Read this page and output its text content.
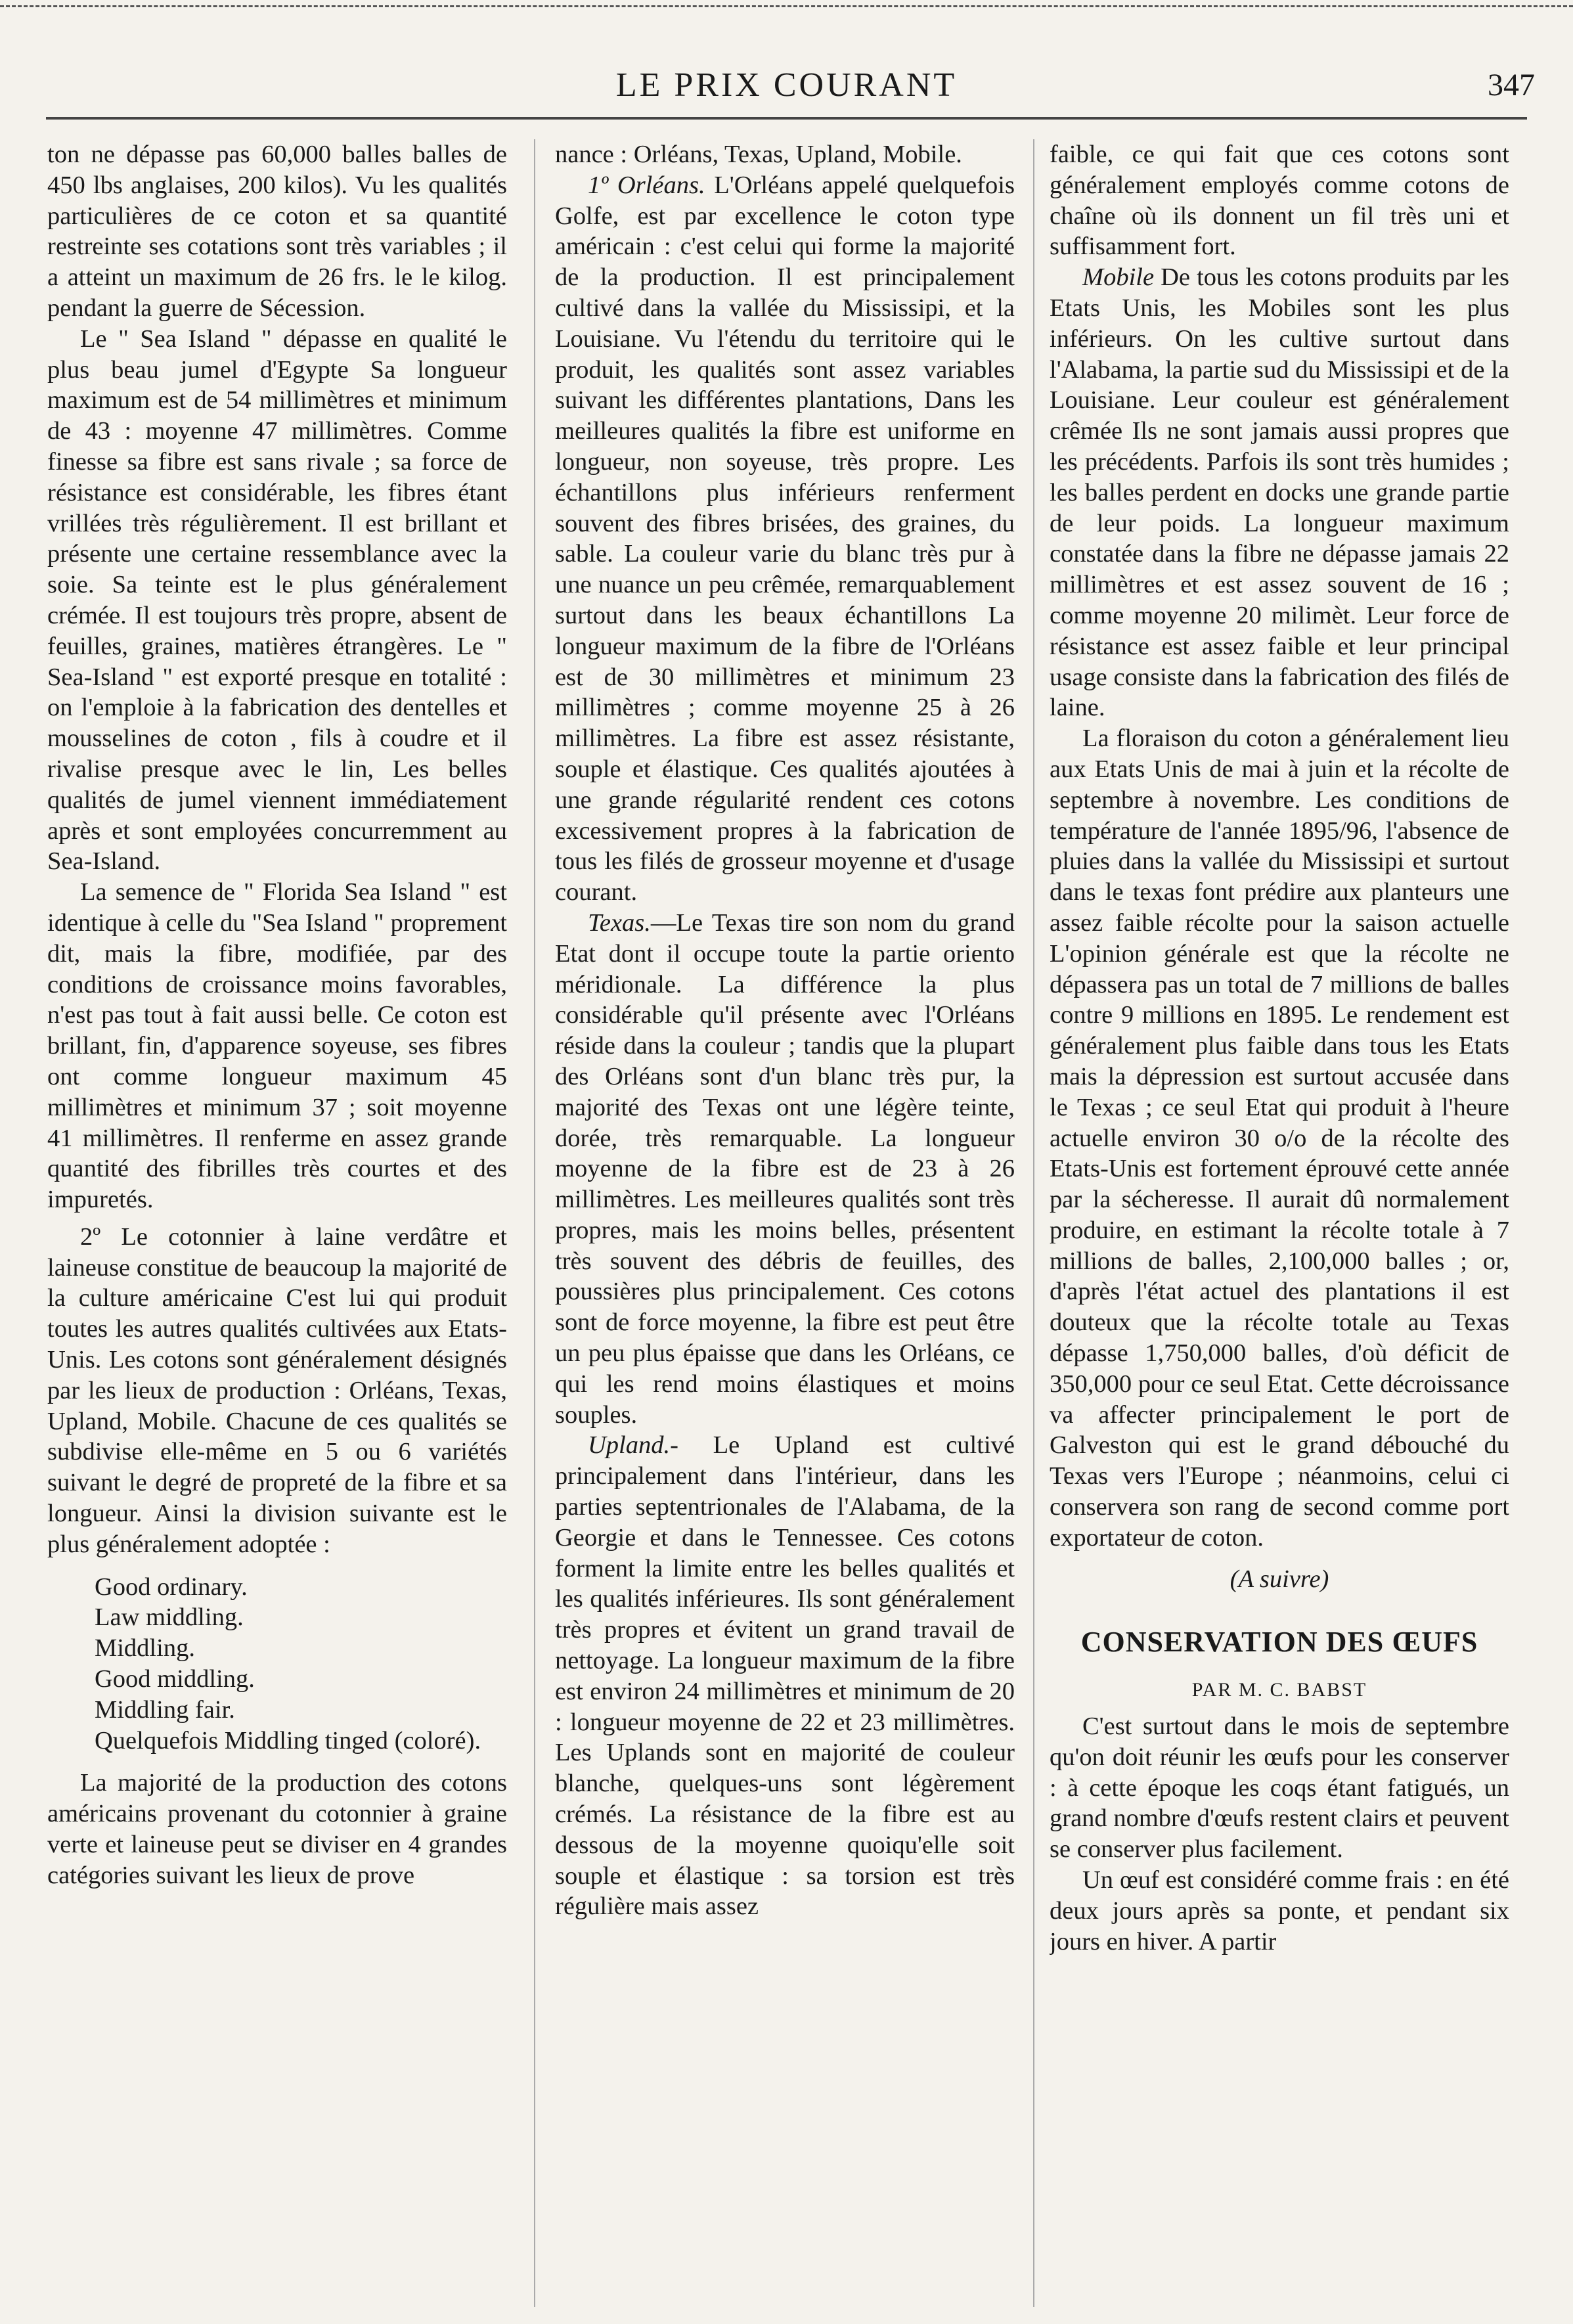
LE PRIX COURANT	347

ton ne dépasse pas 60,000 balles balles de 450 lbs anglaises, 200 kilos). Vu les qualités particulières de ce coton et sa quantité restreinte ses cotations sont très variables ; il a atteint un maximum de 26 frs. le le kilog. pendant la guerre de Sécession.

Le " Sea Island " dépasse en qualité le plus beau jumel d'Egypte Sa longueur maximum est de 54 millimètres et minimum de 43 : moyenne 47 millimètres. Comme finesse sa fibre est sans rivale ; sa force de résistance est considérable, les fibres étant vrillées très régulièrement. Il est brillant et présente une certaine ressemblance avec la soie. Sa teinte est le plus généralement crémée. Il est toujours très propre, absent de feuilles, graines, matières étrangères. Le " Sea-Island " est exporté presque en totalité : on l'emploie à la fabrication des dentelles et mousselines de coton , fils à coudre et il rivalise presque avec le lin, Les belles qualités de jumel viennent immédiatement après et sont employées concurremment au Sea-Island.

La semence de " Florida Sea Island " est identique à celle du "Sea Island " proprement dit, mais la fibre, modifiée, par des conditions de croissance moins favorables, n'est pas tout à fait aussi belle. Ce coton est brillant, fin, d'apparence soyeuse, ses fibres ont comme longueur maximum 45 millimètres et minimum 37 ; soit moyenne 41 millimètres. Il renferme en assez grande quantité des fibrilles très courtes et des impuretés.

2º Le cotonnier à laine verdâtre et laineuse constitue de beaucoup la majorité de la culture américaine C'est lui qui produit toutes les autres qualités cultivées aux Etats-Unis. Les cotons sont généralement désignés par les lieux de production : Orléans, Texas, Upland, Mobile. Chacune de ces qualités se subdivise elle-même en 5 ou 6 variétés suivant le degré de propreté de la fibre et sa longueur. Ainsi la division suivante est le plus généralement adoptée :

Good ordinary.
Law middling.
Middling.
Good middling.
Middling fair.
Quelquefois Middling tinged (coloré).

La majorité de la production des cotons américains provenant du cotonnier à graine verte et laineuse peut se diviser en 4 grandes catégories suivant les lieux de prove

nance : Orléans, Texas, Upland, Mobile.

1º Orléans. L'Orléans appelé quelquefois Golfe, est par excellence le coton type américain : c'est celui qui forme la majorité de la production. Il est principalement cultivé dans la vallée du Mississipi, et la Louisiane. Vu l'étendu du territoire qui le produit, les qualités sont assez variables suivant les différentes plantations, Dans les meilleures qualités la fibre est uniforme en longueur, non soyeuse, très propre. Les échantillons plus inférieurs renferment souvent des fibres brisées, des graines, du sable. La couleur varie du blanc très pur à une nuance un peu crêmée, remarquablement surtout dans les beaux échantillons La longueur maximum de la fibre de l'Orléans est de 30 millimètres et minimum 23 millimètres ; comme moyenne 25 à 26 millimètres. La fibre est assez résistante, souple et élastique. Ces qualités ajoutées à une grande régularité rendent ces cotons excessivement propres à la fabrication de tous les filés de grosseur moyenne et d'usage courant.

Texas.—Le Texas tire son nom du grand Etat dont il occupe toute la partie oriento méridionale. La différence la plus considérable qu'il présente avec l'Orléans réside dans la couleur ; tandis que la plupart des Orléans sont d'un blanc très pur, la majorité des Texas ont une légère teinte, dorée, très remarquable. La longueur moyenne de la fibre est de 23 à 26 millimètres. Les meilleures qualités sont très propres, mais les moins belles, présentent très souvent des débris de feuilles, des poussières plus principalement. Ces cotons sont de force moyenne, la fibre est peut être un peu plus épaisse que dans les Orléans, ce qui les rend moins élastiques et moins souples.

Upland.- Le Upland est cultivé principalement dans l'intérieur, dans les parties septentrionales de l'Alabama, de la Georgie et dans le Tennessee. Ces cotons forment la limite entre les belles qualités et les qualités inférieures. Ils sont généralement très propres et évitent un grand travail de nettoyage. La longueur maximum de la fibre est environ 24 millimètres et minimum de 20 : longueur moyenne de 22 et 23 millimètres. Les Uplands sont en majorité de couleur blanche, quelques-uns sont légèrement crémés. La résistance de la fibre est au dessous de la moyenne quoiqu'elle soit souple et élastique : sa torsion est très régulière mais assez

faible, ce qui fait que ces cotons sont généralement employés comme cotons de chaîne où ils donnent un fil très uni et suffisamment fort.

Mobile De tous les cotons produits par les Etats Unis, les Mobiles sont les plus inférieurs. On les cultive surtout dans l'Alabama, la partie sud du Mississipi et de la Louisiane. Leur couleur est généralement crêmée Ils ne sont jamais aussi propres que les précédents. Parfois ils sont très humides ; les balles perdent en docks une grande partie de leur poids. La longueur maximum constatée dans la fibre ne dépasse jamais 22 millimètres et est assez souvent de 16 ; comme moyenne 20 milimèt. Leur force de résistance est assez faible et leur principal usage consiste dans la fabrication des filés de laine.

La floraison du coton a généralement lieu aux Etats Unis de mai à juin et la récolte de septembre à novembre. Les conditions de température de l'année 1895/96, l'absence de pluies dans la vallée du Mississipi et surtout dans le texas font prédire aux planteurs une assez faible récolte pour la saison actuelle L'opinion générale est que la récolte ne dépassera pas un total de 7 millions de balles contre 9 millions en 1895. Le rendement est généralement plus faible dans tous les Etats mais la dépression est surtout accusée dans le Texas ; ce seul Etat qui produit à l'heure actuelle environ 30 o/o de la récolte des Etats-Unis est fortement éprouvé cette année par la sécheresse. Il aurait dû normalement produire, en estimant la récolte totale à 7 millions de balles, 2,100,000 balles ; or, d'après l'état actuel des plantations il est douteux que la récolte totale au Texas dépasse 1,750,000 balles, d'où déficit de 350,000 pour ce seul Etat. Cette décroissance va affecter principalement le port de Galveston qui est le grand débouché du Texas vers l'Europe ; néanmoins, celui ci conservera son rang de second comme port exportateur de coton.

(A suivre)

CONSERVATION DES ŒUFS

PAR M. C. BABST

C'est surtout dans le mois de septembre qu'on doit réunir les œufs pour les conserver : à cette époque les coqs étant fatigués, un grand nombre d'œufs restent clairs et peuvent se conserver plus facilement.

Un œuf est considéré comme frais : en été deux jours après sa ponte, et pendant six jours en hiver. A partir
